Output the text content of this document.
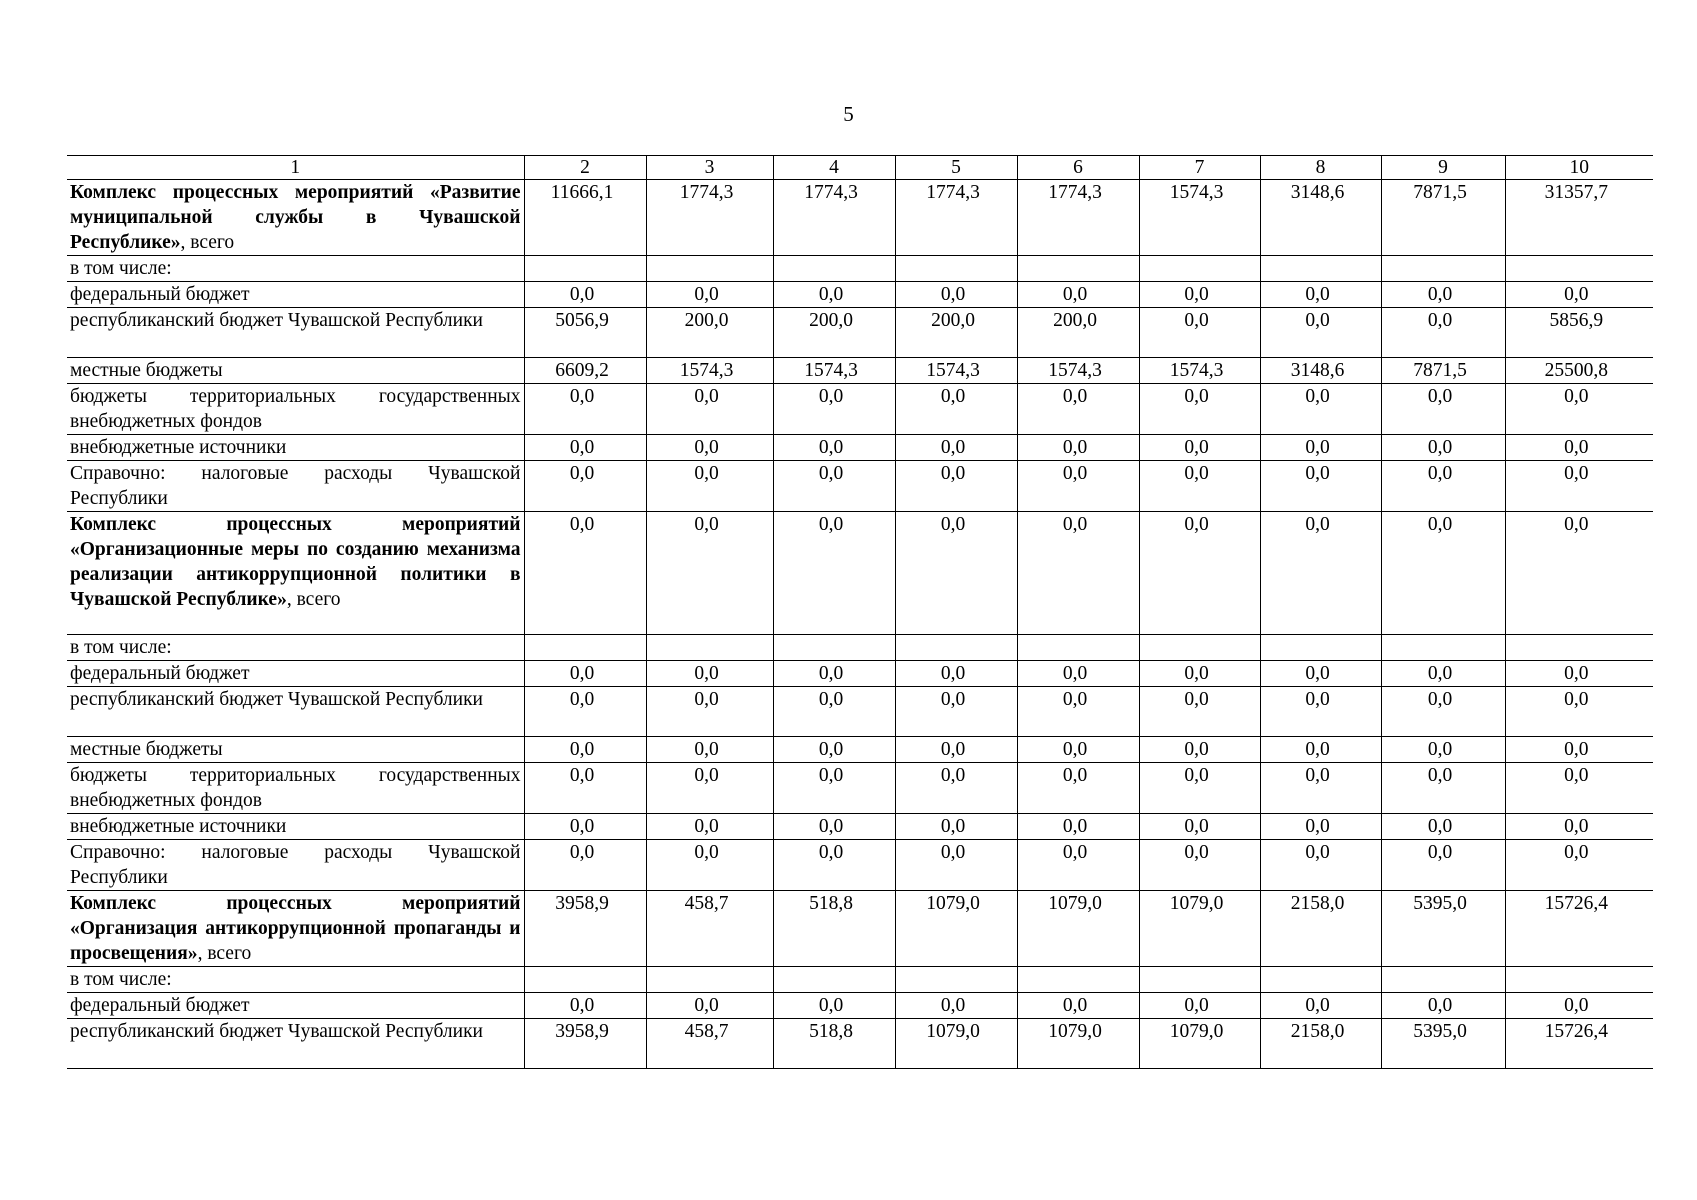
5
1	2	3	4	5	6	7	8	9	10
Комплекс процессных мероприятий «Развитие муниципальной службы в Чувашской Республике», всего	11666,1	1774,3	1774,3	1774,3	1774,3	1574,3	3148,6	7871,5	31357,7
в том числе:									
федеральный бюджет	0,0	0,0	0,0	0,0	0,0	0,0	0,0	0,0	0,0
республиканский бюджет Чувашской Республики	5056,9	200,0	200,0	200,0	200,0	0,0	0,0	0,0	5856,9
местные бюджеты	6609,2	1574,3	1574,3	1574,3	1574,3	1574,3	3148,6	7871,5	25500,8
бюджеты территориальных государственных внебюджетных фондов	0,0	0,0	0,0	0,0	0,0	0,0	0,0	0,0	0,0
внебюджетные источники	0,0	0,0	0,0	0,0	0,0	0,0	0,0	0,0	0,0
Справочно: налоговые расходы Чувашской Республики	0,0	0,0	0,0	0,0	0,0	0,0	0,0	0,0	0,0
Комплекс процессных мероприятий «Организационные меры по созданию механизма реализации антикоррупционной политики в Чувашской Республике», всего	0,0	0,0	0,0	0,0	0,0	0,0	0,0	0,0	0,0
в том числе:									
федеральный бюджет	0,0	0,0	0,0	0,0	0,0	0,0	0,0	0,0	0,0
республиканский бюджет Чувашской Республики	0,0	0,0	0,0	0,0	0,0	0,0	0,0	0,0	0,0
местные бюджеты	0,0	0,0	0,0	0,0	0,0	0,0	0,0	0,0	0,0
бюджеты территориальных государственных внебюджетных фондов	0,0	0,0	0,0	0,0	0,0	0,0	0,0	0,0	0,0
внебюджетные источники	0,0	0,0	0,0	0,0	0,0	0,0	0,0	0,0	0,0
Справочно: налоговые расходы Чувашской Республики	0,0	0,0	0,0	0,0	0,0	0,0	0,0	0,0	0,0
Комплекс процессных мероприятий «Организация антикоррупционной пропаганды и просвещения», всего	3958,9	458,7	518,8	1079,0	1079,0	1079,0	2158,0	5395,0	15726,4
в том числе:									
федеральный бюджет	0,0	0,0	0,0	0,0	0,0	0,0	0,0	0,0	0,0
республиканский бюджет Чувашской Республики	3958,9	458,7	518,8	1079,0	1079,0	1079,0	2158,0	5395,0	15726,4
